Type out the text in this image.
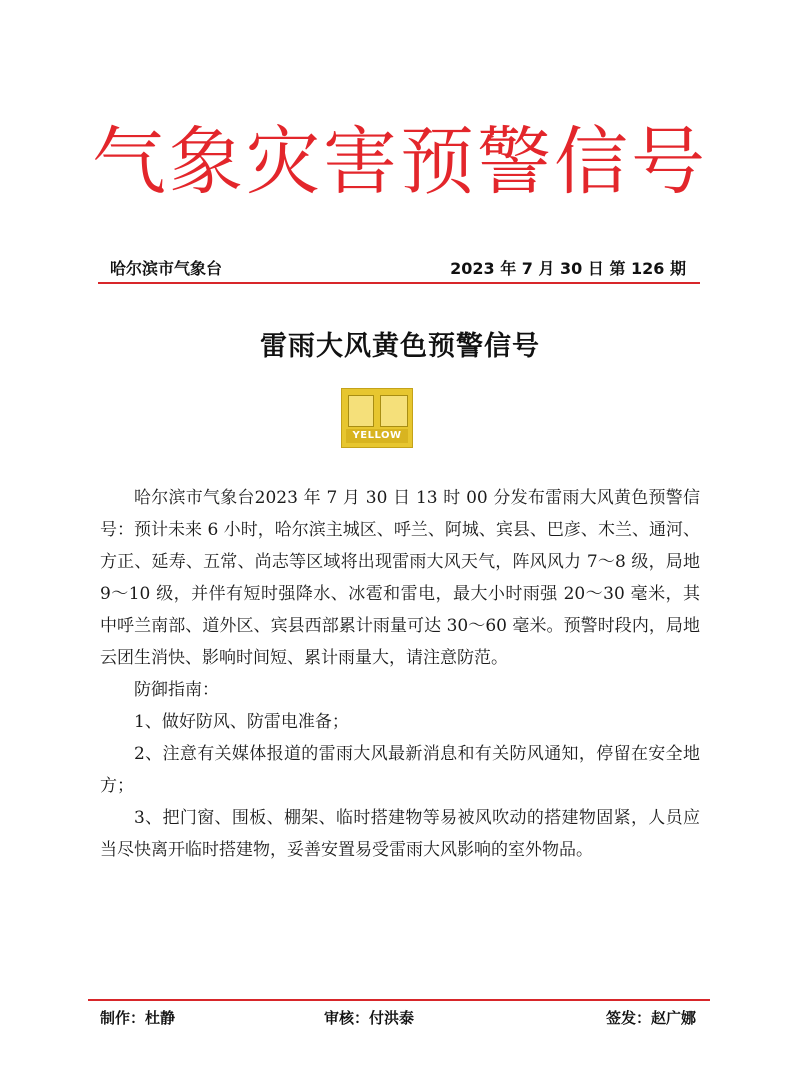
气象灾害预警信号
哈尔滨市气象台	2023 年 7 月 30 日 第 126 期
雷雨大风黄色预警信号
YELLOW

哈尔滨市气象台2023 年 7 月 30 日 13 时 00 分发布雷雨大风黄色预警信号：预计未来 6 小时，哈尔滨主城区、呼兰、阿城、宾县、巴彦、木兰、通河、方正、延寿、五常、尚志等区域将出现雷雨大风天气，阵风风力 7～8 级，局地 9～10 级，并伴有短时强降水、冰雹和雷电，最大小时雨强 20～30 毫米，其中呼兰南部、道外区、宾县西部累计雨量可达 30～60 毫米。预警时段内，局地云团生消快、影响时间短、累计雨量大，请注意防范。

防御指南：

1、做好防风、防雷电准备；

2、注意有关媒体报道的雷雨大风最新消息和有关防风通知，停留在安全地方；

3、把门窗、围板、棚架、临时搭建物等易被风吹动的搭建物固紧，人员应当尽快离开临时搭建物，妥善安置易受雷雨大风影响的室外物品。

制作：杜静	审核：付洪泰	签发：赵广娜
